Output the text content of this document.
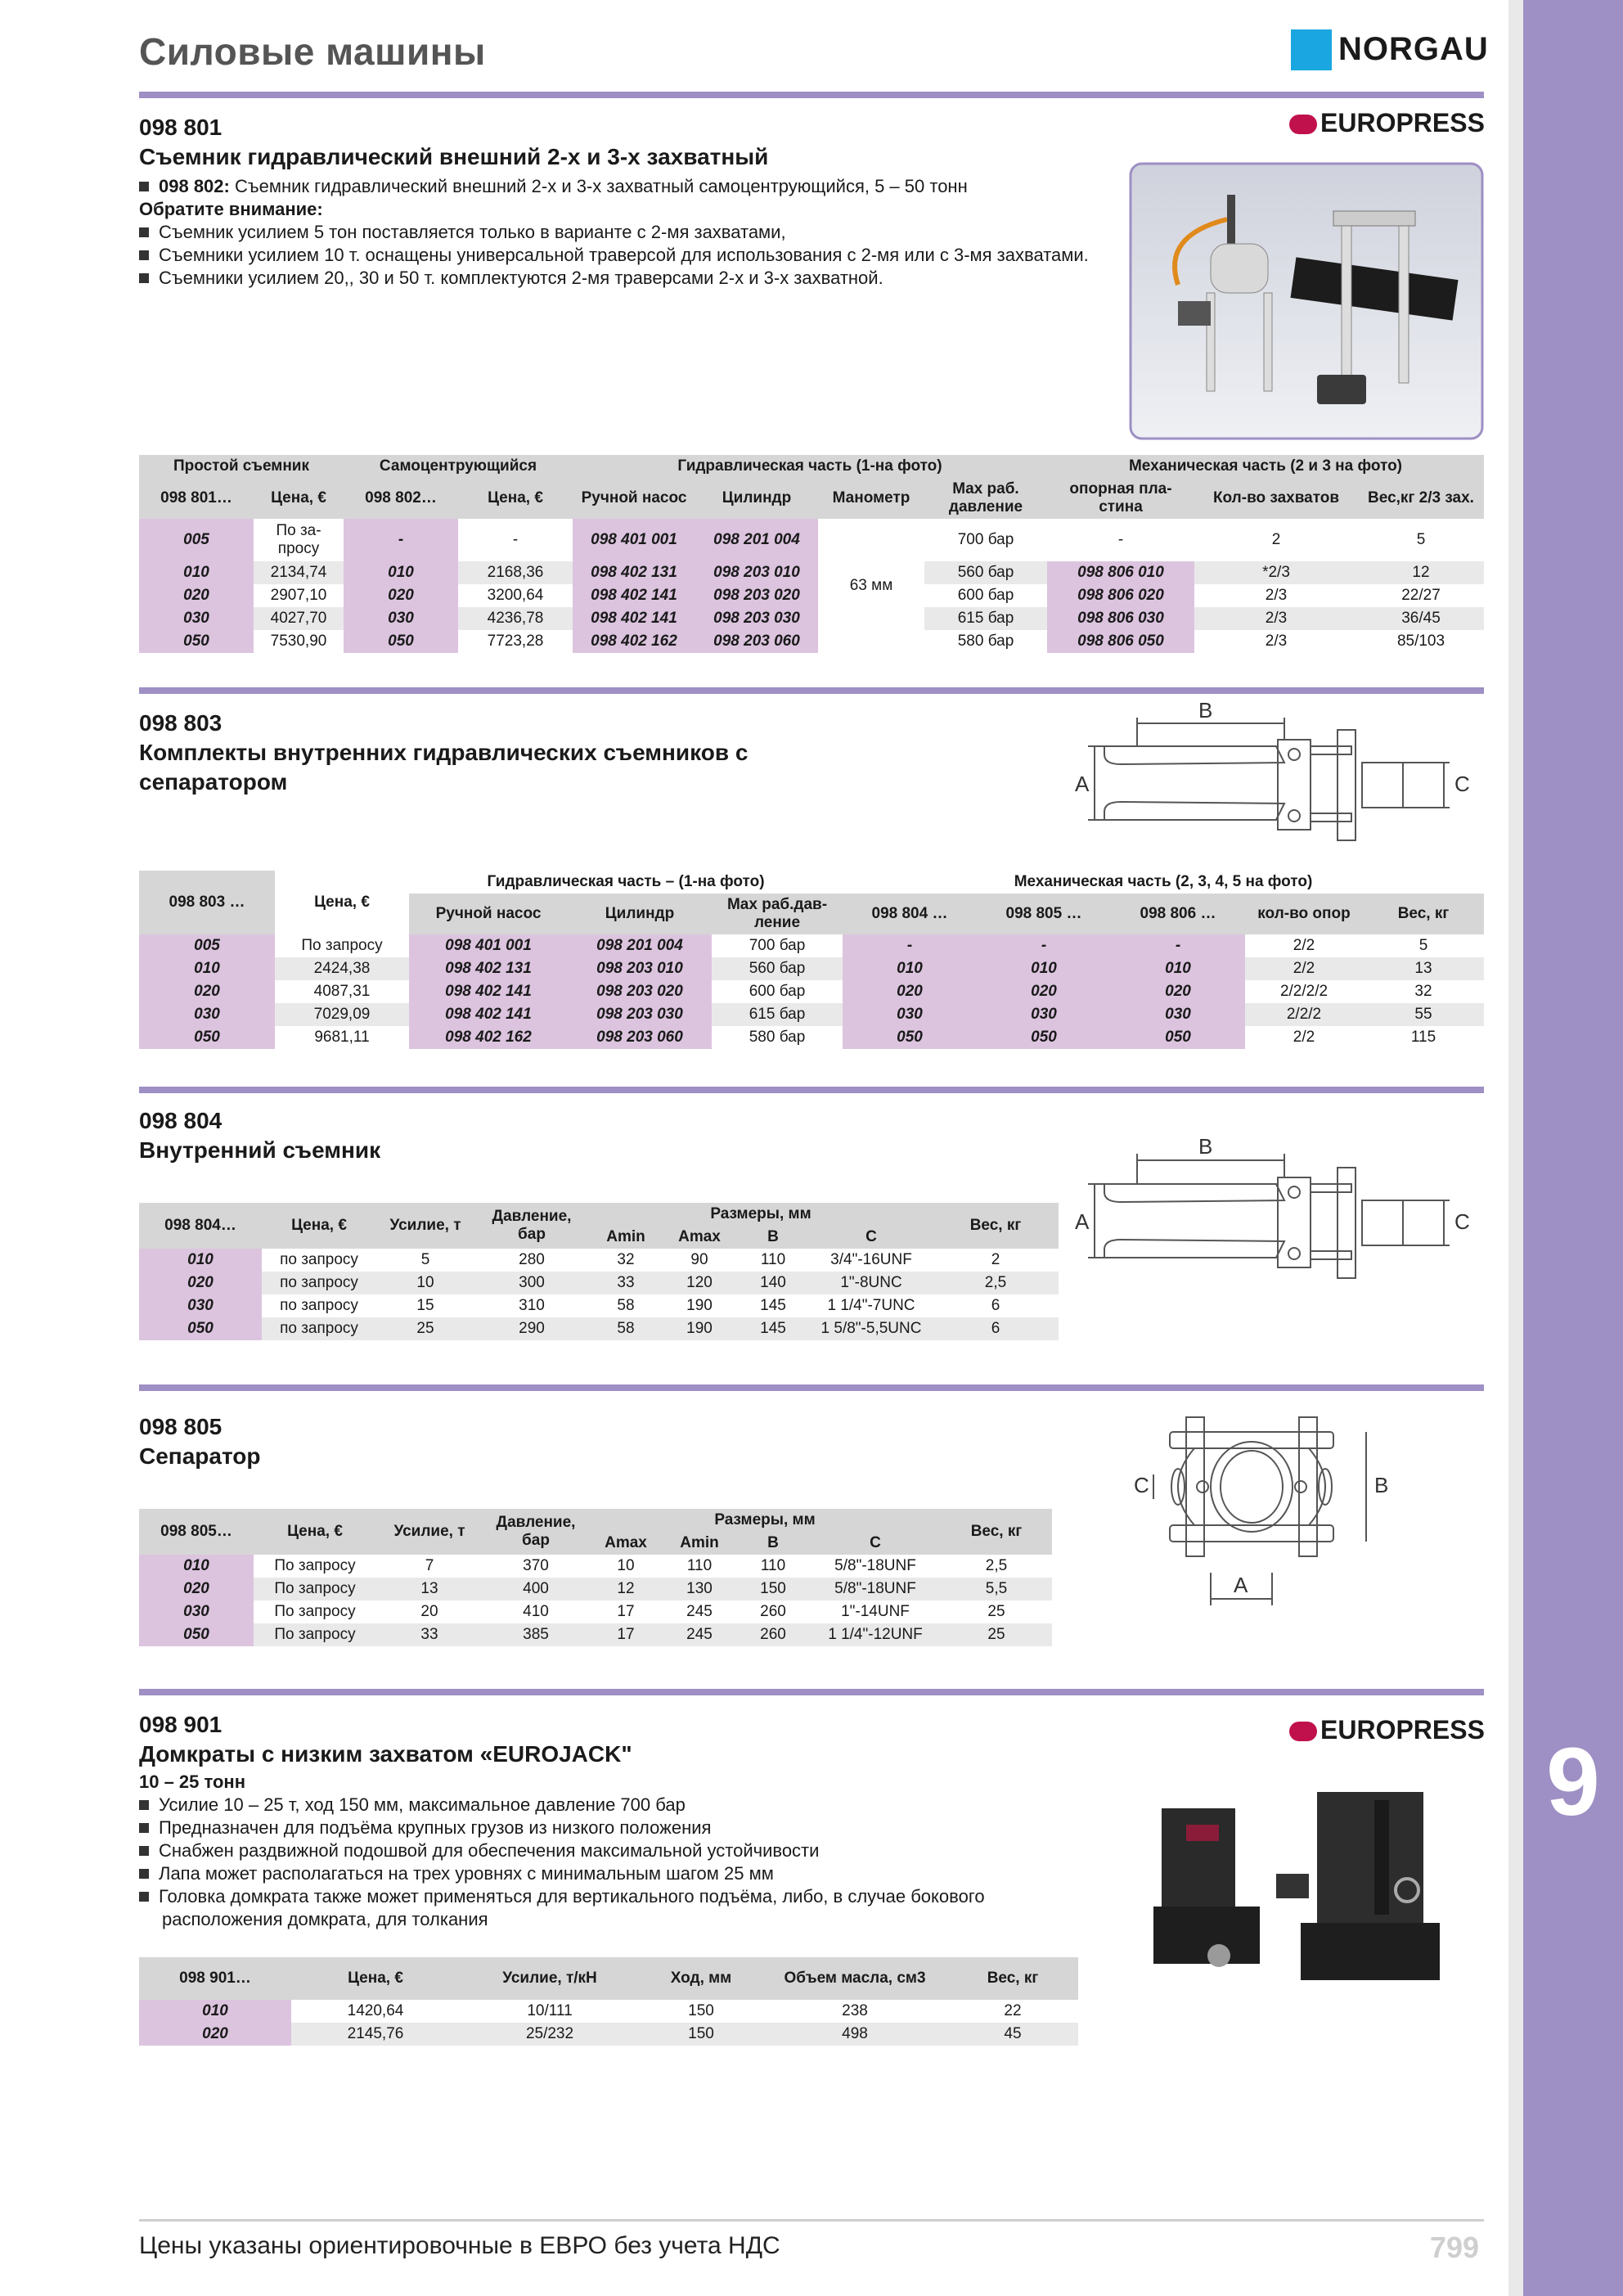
9
Силовые машины	NORGAU
098 801	EUROPRESS
Съемник гидравлический внешний 2-х и 3-х захватный
098 802: Съемник гидравлический внешний 2-х и 3-х захватный самоцентрующийся, 5 – 50 тонн
Обратите внимание:
Съемник усилием 5 тон поставляется только в варианте с 2-мя захватами,
Съемники усилием 10 т. оснащены универсальной траверсой для использования с 2-мя или с 3-мя захватами.
Съемники усилием 20,, 30 и 50 т. комплектуются 2-мя траверсами 2-х и 3-х захватной.
Простой съемник		Самоцентрующийся		Гидравлическая часть (1-на фото)				Механическая часть (2 и 3 на фото)		
098 801…	Цена, €	098 802…	Цена, €	Ручной насос	Цилиндр	Манометр	Max раб. давление	опорная пла-стина	Кол-во захватов	Вес,кг 2/3 зах.
005	По за-просу	-	-	098 401 001	098 201 004	63 мм	700 бар	-	2	5
010	2134,74	010	2168,36	098 402 131	098 203 010		560 бар	098 806 010	*2/3	12
020	2907,10	020	3200,64	098 402 141	098 203 020		600 бар	098 806 020	2/3	22/27
030	4027,70	030	4236,78	098 402 141	098 203 030		615 бар	098 806 030	2/3	36/45
050	7530,90	050	7723,28	098 402 162	098 203 060		580 бар	098 806 050	2/3	85/103
098 803
Комплекты внутренних гидравлических съемников с
сепаратором
B
A	C
098 803 …	Цена, €	Гидравлическая часть – (1-на фото)			Механическая часть (2, 3, 4, 5 на фото)				
		Ручной насос	Цилиндр	Max раб.дав-ление	098 804 …	098 805 …	098 806 …	кол-во опор	Вес, кг
005	По запросу	098 401 001	098 201 004	700 бар	-	-	-	2/2	5
010	2424,38	098 402 131	098 203 010	560 бар	010	010	010	2/2	13
020	4087,31	098 402 141	098 203 020	600 бар	020	020	020	2/2/2/2	32
030	7029,09	098 402 141	098 203 030	615 бар	030	030	030	2/2/2	55
050	9681,11	098 402 162	098 203 060	580 бар	050	050	050	2/2	115
098 804
Внутренний съемник	B
A	C
098 804…	Цена, €	Усилие, т	Давление, бар	Размеры, мм				Вес, кг
				Amin	Amax	B	C	
010	по запросу	5	280	32	90	110	3/4"-16UNF	2
020	по запросу	10	300	33	120	140	1"-8UNC	2,5
030	по запросу	15	310	58	190	145	1 1/4"-7UNC	6
050	по запросу	25	290	58	190	145	1 5/8"-5,5UNC	6
098 805
Сепаратор
C	B
A
098 805…	Цена, €	Усилие, т	Давление, бар	Размеры, мм				Вес, кг
				Amax	Amin	B	C	
010	По запросу	7	370	10	110	110	5/8"-18UNF	2,5
020	По запросу	13	400	12	130	150	5/8"-18UNF	5,5
030	По запросу	20	410	17	245	260	1"-14UNF	25
050	По запросу	33	385	17	245	260	1 1/4"-12UNF	25
098 901	EUROPRESS
Домкраты с низким захватом «EUROJACK"
10 – 25 тонн
Усилие 10 – 25 т, ход 150 мм, максимальное давление 700 бар
Предназначен для подъёма крупных грузов из низкого положения
Снабжен раздвижной подошвой для обеспечения максимальной устойчивости
Лапа может располагаться на трех уровнях с минимальным шагом 25 мм
Головка домкрата также может применяться для вертикального подъёма, либо, в случае бокового
расположения домкрата, для толкания
098 901…	Цена, €	Усилие, т/кН	Ход, мм	Объем масла, см3	Вес, кг
010	1420,64	10/111	150	238	22
020	2145,76	25/232	150	498	45
Цены указаны ориентировочные в ЕВРО без учета НДС	799
